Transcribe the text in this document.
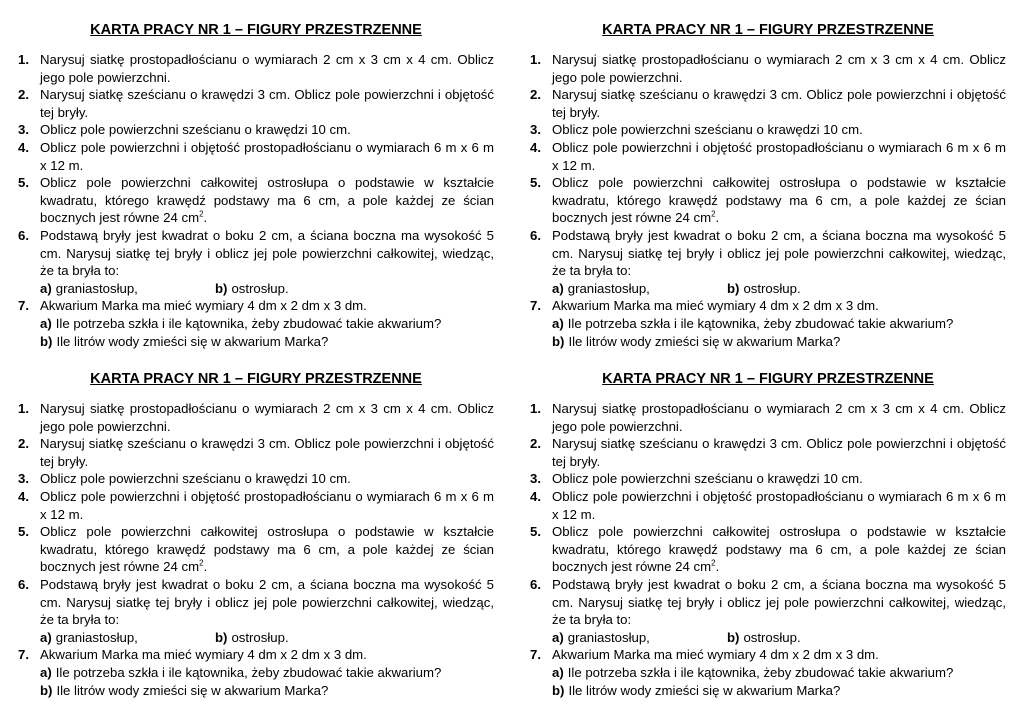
KARTA PRACY NR 1 – FIGURY PRZESTRZENNE
1. Narysuj siatkę prostopadłościanu o wymiarach 2 cm x 3 cm x 4 cm. Oblicz jego pole powierzchni.
2. Narysuj siatkę sześcianu o krawędzi 3 cm. Oblicz pole powierzchni i objętość tej bryły.
3. Oblicz pole powierzchni sześcianu o krawędzi 10 cm.
4. Oblicz pole powierzchni i objętość prostopadłościanu o wymiarach 6 m x 6 m x 12 m.
5. Oblicz pole powierzchni całkowitej ostrosłupa o podstawie w kształcie kwadratu, którego krawędź podstawy ma 6 cm, a pole każdej ze ścian bocznych jest równe 24 $cm^2$.
6. Podstawą bryły jest kwadrat o boku 2 cm, a ściana boczna ma wysokość 5 cm. Narysuj siatkę tej bryły i oblicz jej pole powierzchni całkowitej, wiedząc, że ta bryła to:
a) graniastosłup,	b) ostrosłup.
7. Akwarium Marka ma mieć wymiary 4 dm x 2 dm x 3 dm.
a) Ile potrzeba szkła i ile kątownika, żeby zbudować takie akwarium?
b) Ile litrów wody zmieści się w akwarium Marka?
KARTA PRACY NR 1 – FIGURY PRZESTRZENNE
1. Narysuj siatkę prostopadłościanu o wymiarach 2 cm x 3 cm x 4 cm. Oblicz jego pole powierzchni.
2. Narysuj siatkę sześcianu o krawędzi 3 cm. Oblicz pole powierzchni i objętość tej bryły.
3. Oblicz pole powierzchni sześcianu o krawędzi 10 cm.
4. Oblicz pole powierzchni i objętość prostopadłościanu o wymiarach 6 m x 6 m x 12 m.
5. Oblicz pole powierzchni całkowitej ostrosłupa o podstawie w kształcie kwadratu, którego krawędź podstawy ma 6 cm, a pole każdej ze ścian bocznych jest równe 24 $cm^2$.
6. Podstawą bryły jest kwadrat o boku 2 cm, a ściana boczna ma wysokość 5 cm. Narysuj siatkę tej bryły i oblicz jej pole powierzchni całkowitej, wiedząc, że ta bryła to:
a) graniastosłup,	b) ostrosłup.
7. Akwarium Marka ma mieć wymiary 4 dm x 2 dm x 3 dm.
a) Ile potrzeba szkła i ile kątownika, żeby zbudować takie akwarium?
b) Ile litrów wody zmieści się w akwarium Marka?
KARTA PRACY NR 1 – FIGURY PRZESTRZENNE
1. Narysuj siatkę prostopadłościanu o wymiarach 2 cm x 3 cm x 4 cm. Oblicz jego pole powierzchni.
2. Narysuj siatkę sześcianu o krawędzi 3 cm. Oblicz pole powierzchni i objętość tej bryły.
3. Oblicz pole powierzchni sześcianu o krawędzi 10 cm.
4. Oblicz pole powierzchni i objętość prostopadłościanu o wymiarach 6 m x 6 m x 12 m.
5. Oblicz pole powierzchni całkowitej ostrosłupa o podstawie w kształcie kwadratu, którego krawędź podstawy ma 6 cm, a pole każdej ze ścian bocznych jest równe 24 $cm^2$.
6. Podstawą bryły jest kwadrat o boku 2 cm, a ściana boczna ma wysokość 5 cm. Narysuj siatkę tej bryły i oblicz jej pole powierzchni całkowitej, wiedząc, że ta bryła to:
a) graniastosłup,	b) ostrosłup.
7. Akwarium Marka ma mieć wymiary 4 dm x 2 dm x 3 dm.
a) Ile potrzeba szkła i ile kątownika, żeby zbudować takie akwarium?
b) Ile litrów wody zmieści się w akwarium Marka?
KARTA PRACY NR 1 – FIGURY PRZESTRZENNE
1. Narysuj siatkę prostopadłościanu o wymiarach 2 cm x 3 cm x 4 cm. Oblicz jego pole powierzchni.
2. Narysuj siatkę sześcianu o krawędzi 3 cm. Oblicz pole powierzchni i objętość tej bryły.
3. Oblicz pole powierzchni sześcianu o krawędzi 10 cm.
4. Oblicz pole powierzchni i objętość prostopadłościanu o wymiarach 6 m x 6 m x 12 m.
5. Oblicz pole powierzchni całkowitej ostrosłupa o podstawie w kształcie kwadratu, którego krawędź podstawy ma 6 cm, a pole każdej ze ścian bocznych jest równe 24 $cm^2$.
6. Podstawą bryły jest kwadrat o boku 2 cm, a ściana boczna ma wysokość 5 cm. Narysuj siatkę tej bryły i oblicz jej pole powierzchni całkowitej, wiedząc, że ta bryła to:
a) graniastosłup,	b) ostrosłup.
7. Akwarium Marka ma mieć wymiary 4 dm x 2 dm x 3 dm.
a) Ile potrzeba szkła i ile kątownika, żeby zbudować takie akwarium?
b) Ile litrów wody zmieści się w akwarium Marka?
